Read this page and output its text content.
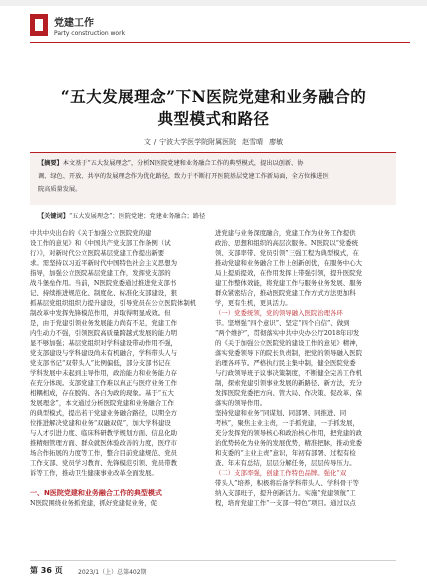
党建工作
Party construction work
“五大发展理念”下N医院党建和业务融合的
典型模式和路径
文 / 宁波大学医学院附属医院 赵雪晴 廖敏
【摘要】本文基于“五大发展理念”，分析N医院党建和业务融合工作的典型模式，提出以创新、协
调、绿色、开放、共享的发展理念作为优化路径，致力于不断打开医院基层党建工作新局面，全方位推进医
院高质量发展。
【关键词】“五大发展理念”；医院党建；党建业务融合；路径

中共中央出台的《关于加强公立医院党的建

设工作的意见》和《中国共产党支部工作条例（试

行）》，对新时代公立医院基层党建工作提出新要

求。需坚持以习近平新时代中国特色社会主义思想为

指导，加强公立医院基层党建工作，发挥党支部的

战斗堡垒作用。当前，N医院党委通过推进党支部书

记、持续推进规范化、制度化、标准化支部建设，狠

抓基层党组织组织力提升建设，引导党员在公立医院体制机

制改革中发挥先锋模范作用，并取得明显成效。但

是，由于党建引领业务发展能力尚有不足，党建工作

内生动力不强，引领医院高质量跨越式发展的能力明

显不够加强；基层党组织对学科建设带动作用不强，

党支部建设与学科建设尚未有机融合，学科带头人与

党支部书记“双带头人”比例偏低，部分支部书记在

学科发展中未起到主导作用，政治能力和业务能力存

在充分体现。支部党建工作难以真正与医疗业务工作

相耦相成，存在脱钩、各自为政的现象。基于“五大

发展理念”，本文通过分析医院党建和业务融合工作

的典型模式，提出若干党建业务融合路径，以期全方

位推进解决党建和业务“双融双促”，加大学科建设

与人才引进力度、临床科研教学规划方面、信息化助

推精细管理方面、群众就医体验改善的力度，医疗市

场合作拓展的力度等工作，整合目前党建规范、党员

工作支部、党员学习教育、先锋模范引领、党员带教

诉等工作，推动卫生健康事业改革全面发展。

一、N医院党建和业务融合工作的典型模式

N医院围绕业务抓党建，抓好党建促业务，促

进党建与业务深度融合，党建工作为业务工作提供

政治、思想和组织的高层次服务。N医院以“党委统

领、支部率带、党员引领”三强工程为典型模式，在

推动党建和业务融合工作上创新创优，在服务中心大

局上提质提效，在作用发挥上带强引领，提升医院党

建工作整体效能，将党建工作与服务业务发展、服务

群众紧密结合，推动医院党建工作方式方法更加科

学，更有生机，更具活力。

（一）党委统领，党的领导融入医院治理各环

节。坚增强“四个意识”、坚定“四个自信”、做到

“两个维护”，贯彻落实中共中央办公厅2018年印发

的《关于加强公立医院党的建设工作的意见》精神，

落实党委领导下的院长负责制，把党的领导融入医院

治理各环节。严格执行民主集中制，健全医院党委

与行政领导班子议事决策制度，不断健全完善工作机

制，探索党建引领事业发展的新路径、新方法，充分

发挥医院党委把方向、管大局、作决策、促改革、保

落实的领导作用。

坚持党建和业务“同谋划、同部署、同推进、同

考核”，聚焦主业主责，一手抓党建，一手抓发展，

充分发挥党的领导核心和政治核心作用，把党建的政

治优势转化为业务的发展优势，精准把脉，推动党委

和支委的“主业主责”意识，年初有部署、过程有检

查、年末有总结，层层分解任务，层层传导压力。

（二）支部率强，创建工作特色品牌。强化“双

带头人”培养，积极将后备学科带头人、学科骨干等

纳入支部班子，提升创新活力。实施“党建领航”工

程，培育党建工作“一支部一特色”项目。通过以点

第 36 页	2023/1（上）总第402期
